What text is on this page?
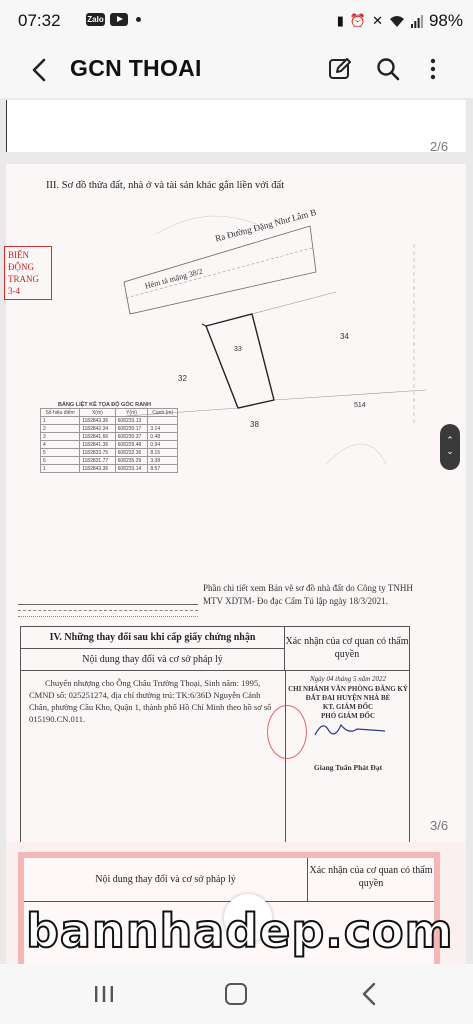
07:32	Zalo	▮ ⏰ ✕	98%
GCN THOAI
2/6
III. Sơ đồ thửa đất, nhà ở và tài sản khác gắn liền với đất
BIẾN ĐỘNG TRANG 3-4
Ra Đường Đặng Như Lâm B
Hẻm tả mặng 38/2
33
34
32
38
514
BẢNG LIỆT KÊ TỌA ĐỘ GÓC RANH
Số hiệu điểm	X(m)	Y(m)	Cạnh (m)
1	1182843.36	608233.13	
2	1182842.34	608230.17	3.14
3	1182841.66	608230.37	0.48
4	1182841.36	608229.48	0.94
5	1182833.75	608232.36	8.15
6	1182831.77	608235.29	3.38
1	1182843.36	608233.14	8.57
Phần chi tiết xem Bản vẽ sơ đồ nhà đất do Công ty TNHH MTV XDTM- Đo đạc Cẩm Tú lập ngày 18/3/2021.
IV. Những thay đổi sau khi cấp giấy chứng nhận
Nội dung thay đổi và cơ sở pháp lý
Xác nhận của cơ quan có thẩm quyền
Chuyển nhượng cho Ông Châu Trường Thoại, Sinh năm: 1995, CMND số: 025251274, địa chỉ thường trú: TK:6/36D Nguyễn Cảnh Chân, phường Cầu Kho, Quận 1, thành phố Hồ Chí Minh theo hồ sơ số 015190.CN.011.
Ngày 04 tháng 5 năm 2022
CHI NHÁNH VĂN PHÒNG ĐĂNG KÝ ĐẤT ĐAI HUYỆN NHÀ BÈ
KT. GIÁM ĐỐC
PHÓ GIÁM ĐỐC
Giang Tuấn Phát Đạt
3/6
Nội dung thay đổi và cơ sở pháp lý
Xác nhận của cơ quan có thẩm quyền
⌃
⌄
bannhadep.com
